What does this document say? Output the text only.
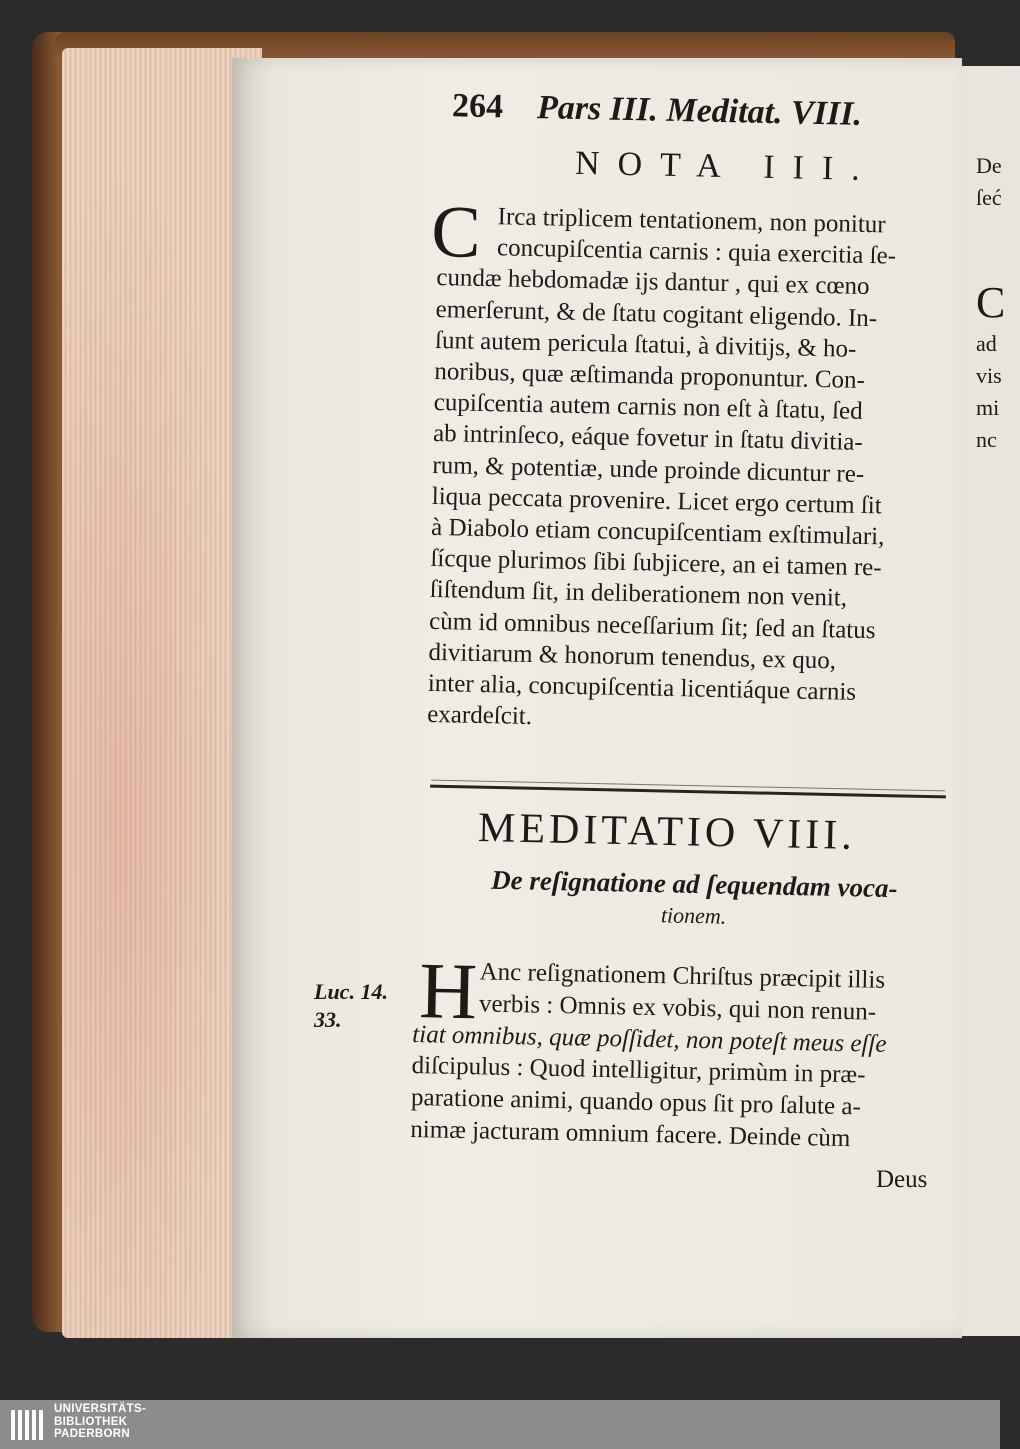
264 Pars III. Meditat. VIII.
NOTA III.
C Irca triplicem tentationem, non ponitur
concupiſcentia carnis : quia exercitia ſe-
cundæ hebdomadæ ijs dantur , qui ex cœno
emerſerunt, & de ſtatu cogitant eligendo. In-
ſunt autem pericula ſtatui, à divitijs, & ho-
noribus, quæ æſtimanda proponuntur. Con-
cupiſcentia autem carnis non eſt à ſtatu, ſed
ab intrinſeco, eáque fovetur in ſtatu divitia-
rum, & potentiæ, unde proinde dicuntur re-
liqua peccata provenire. Licet ergo certum ſit
à Diabolo etiam concupiſcentiam exſtimulari,
ſícque plurimos ſibi ſubjicere, an ei tamen re-
ſiſtendum ſit, in deliberationem non venit,
cùm id omnibus neceſſarium ſit; ſed an ſtatus
divitiarum & honorum tenendus, ex quo,
inter alia, concupiſcentia licentiáque carnis
exardeſcit.
MEDITATIO VIII.
De reſignatione ad ſequendam voca-
tionem.
Luc. 14.
33. H Anc reſignationem Chriſtus præcipit illis
verbis : Omnis ex vobis, qui non renun-
tiat omnibus, quæ poſſidet, non poteſt meus eſſe
diſcipulus : Quod intelligitur, primùm in præ-
paratione animi, quando opus ſit pro ſalute a-
nimæ jacturam omnium facere. Deinde cùm
Deus
De
ſeć
C
ad
vis
mi
nc
UNIVERSITÄTS-
BIBLIOTHEK
PADERBORN
